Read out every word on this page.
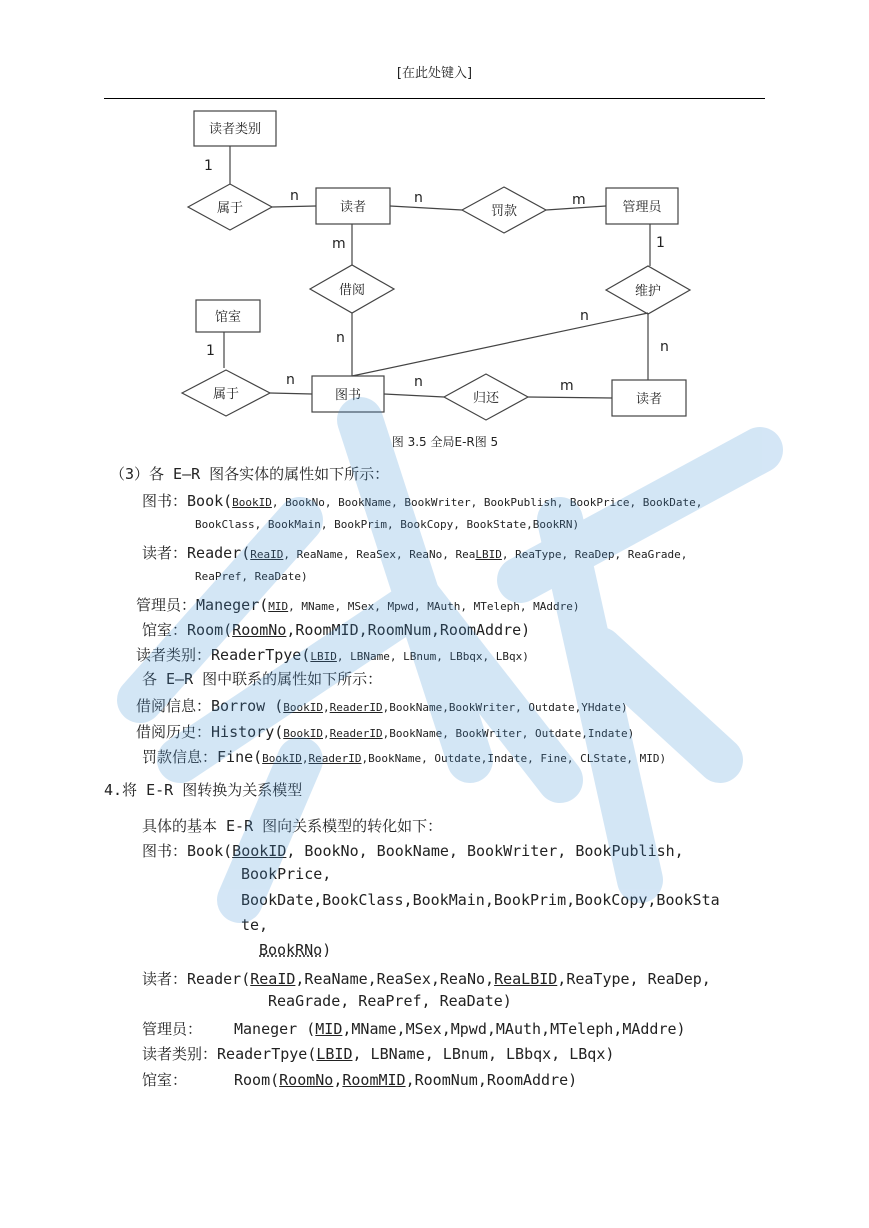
[在此处键入]
读者类别
读者	管理员
馆室
图书	读者
属于	罚款
借阅	维护
属于	归还
1
n	n
m
m
1
1
n
n
n
n	m
n
图 3.5 全局E-R图 5
（3）各 E—R 图各实体的属性如下所示：
图书：Book(BookID, BookNo, BookName, BookWriter, BookPublish, BookPrice, BookDate,
BookClass, BookMain, BookPrim, BookCopy, BookState,BookRN)
读者：Reader(ReaID, ReaName, ReaSex, ReaNo, ReaLBID, ReaType, ReaDep, ReaGrade,
ReaPref, ReaDate)
管理员：Maneger(MID, MName, MSex, Mpwd, MAuth, MTeleph, MAddre)
馆室：Room(RoomNo,RoomMID,RoomNum,RoomAddre)
读者类别：ReaderTpye(LBID, LBName, LBnum, LBbqx, LBqx)
各 E—R 图中联系的属性如下所示：
借阅信息：Borrow (BookID,ReaderID,BookName,BookWriter, Outdate,YHdate)
借阅历史：History(BookID,ReaderID,BookName, BookWriter, Outdate,Indate)
罚款信息：Fine(BookID,ReaderID,BookName, Outdate,Indate, Fine, CLState, MID)
4.将 E-R 图转换为关系模型
具体的基本 E-R 图向关系模型的转化如下：
图书：Book(BookID, BookNo, BookName, BookWriter, BookPublish,
BookPrice,
BookDate,BookClass,BookMain,BookPrim,BookCopy,BookSta
te,
BookRNo)
读者：Reader(ReaID,ReaName,ReaSex,ReaNo,ReaLBID,ReaType, ReaDep,
ReaGrade, ReaPref, ReaDate)
管理员： Maneger (MID,MName,MSex,Mpwd,MAuth,MTeleph,MAddre)
读者类别：ReaderTpye(LBID, LBName, LBnum, LBbqx, LBqx)
馆室：	Room(RoomNo,RoomMID,RoomNum,RoomAddre)
